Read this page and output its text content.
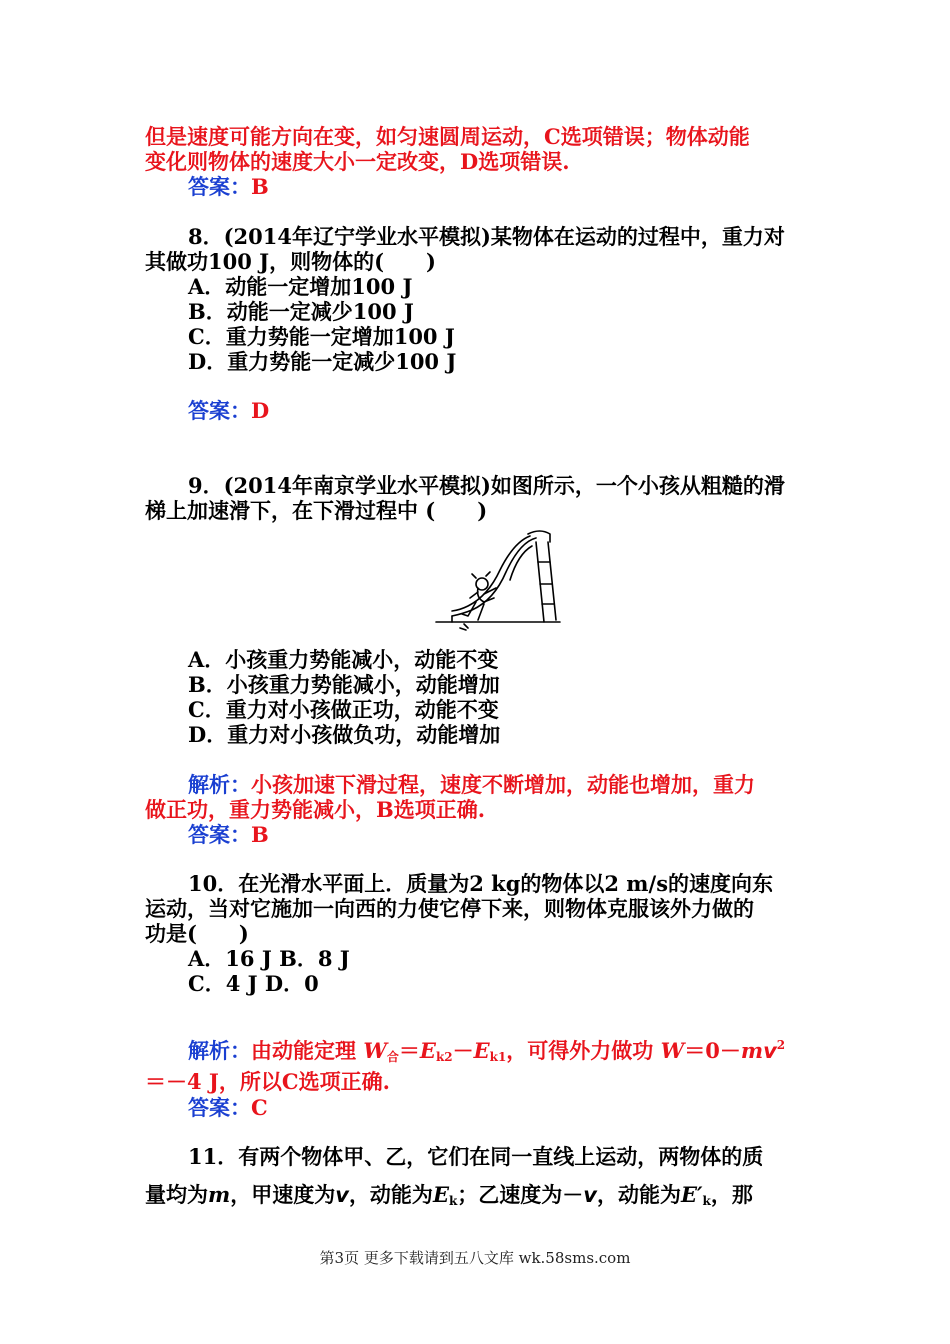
但是速度可能方向在变，如匀速圆周运动，C选项错误；物体动能
变化则物体的速度大小一定改变，D选项错误.
答案：B
8．(2014年辽宁学业水平模拟)某物体在运动的过程中，重力对
其做功100 J，则物体的(　　)
A．动能一定增加100 J
B．动能一定减少100 J
C．重力势能一定增加100 J
D．重力势能一定减少100 J
答案：D
9．(2014年南京学业水平模拟)如图所示，一个小孩从粗糙的滑
梯上加速滑下，在下滑过程中 (　　)
A．小孩重力势能减小，动能不变
B．小孩重力势能减小，动能增加
C．重力对小孩做正功，动能不变
D．重力对小孩做负功，动能增加
解析：小孩加速下滑过程，速度不断增加，动能也增加，重力
做正功，重力势能减小，B选项正确.
答案：B
10．在光滑水平面上．质量为2 kg的物体以2 m/s的速度向东
运动，当对它施加一向西的力使它停下来，则物体克服该外力做的
功是(　　)
A．16 J B．8 J
C．4 J D．0
解析：由动能定理 $W_合=E_{k2}-E_{k1}$，可得外力做功 $W=0-mv^2$
＝－4 J，所以C选项正确.
答案：C
11．有两个物体甲、乙，它们在同一直线上运动，两物体的质
量均为m，甲速度为v，动能为$E_k$；乙速度为－v，动能为$E'_k$，那
第3页 更多下载请到五八文库 wk.58sms.com
